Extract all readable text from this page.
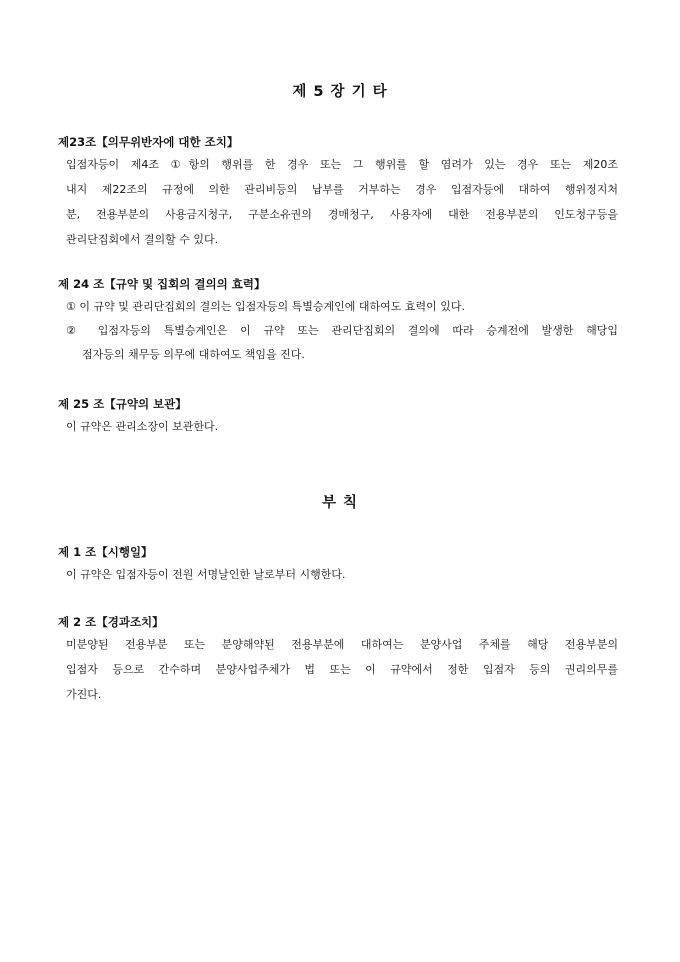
제 5 장 기 타
제23조【의무위반자에 대한 조치】
입점자등이 제4조 ①항의 행위를 한 경우 또는 그 행위를 할 염려가 있는 경우 또는 제20조
내지 제22조의 규정에 의한 관리비등의 납부를 거부하는 경우 입점자등에 대하여 행위정지처
분, 전용부분의 사용금지청구, 구분소유권의 경매청구, 사용자에 대한 전용부분의 인도청구등을
관리단집회에서 결의할 수 있다.
제 24 조【규약 및 집회의 결의의 효력】
① 이 규약 및 관리단집회의 결의는 입점자등의 특별승계인에 대하여도 효력이 있다.
② 입점자등의 특별승계인은 이 규약 또는 관리단집회의 결의에 따라 승계전에 발생한 해당입
점자등의 채무등 의무에 대하여도 책임을 진다.
제 25 조【규약의 보관】
이 규약은 관리소장이 보관한다.
부 칙
제 1 조【시행일】
이 규약은 입점자등이 전원 서명날인한 날로부터 시행한다.
제 2 조【경과조치】
미분양된 전용부분 또는 분양해약된 전용부분에 대하여는 분양사업 주체를 해당 전용부분의
입점자 등으로 간수하며 분양사업주체가 법 또는 이 규약에서 정한 입점자 등의 권리의무를
가진다.
